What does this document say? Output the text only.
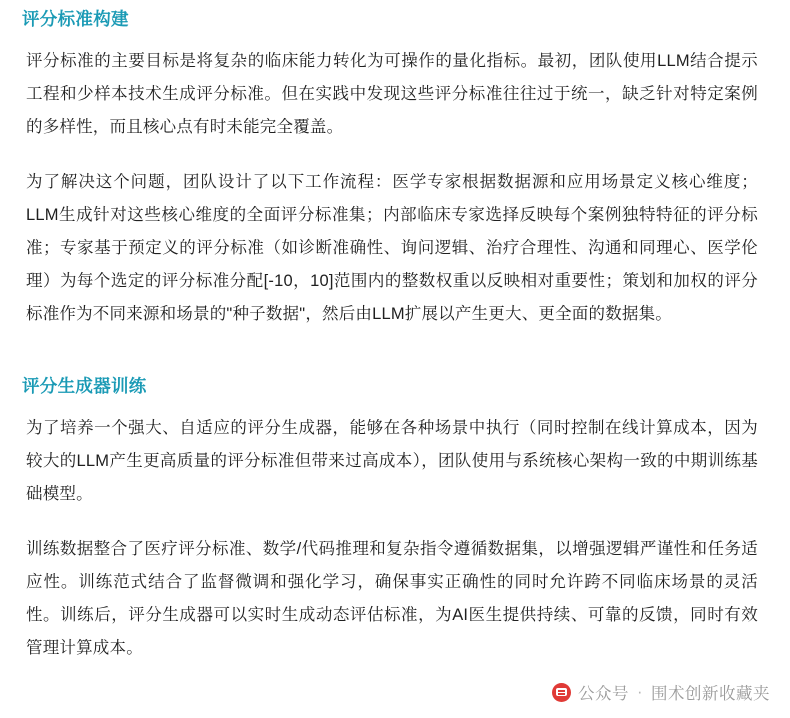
评分标准构建

评分标准的主要目标是将复杂的临床能力转化为可操作的量化指标。最初，团队使用LLM结合提示工程和少样本技术生成评分标准。但在实践中发现这些评分标准往往过于统一，缺乏针对特定案例的多样性，而且核心点有时未能完全覆盖。

为了解决这个问题，团队设计了以下工作流程：医学专家根据数据源和应用场景定义核心维度；LLM生成针对这些核心维度的全面评分标准集；内部临床专家选择反映每个案例独特特征的评分标准；专家基于预定义的评分标准（如诊断准确性、询问逻辑、治疗合理性、沟通和同理心、医学伦理）为每个选定的评分标准分配[-10，10]范围内的整数权重以反映相对重要性；策划和加权的评分标准作为不同来源和场景的"种子数据"，然后由LLM扩展以产生更大、更全面的数据集。

评分生成器训练

为了培养一个强大、自适应的评分生成器，能够在各种场景中执行（同时控制在线计算成本，因为较大的LLM产生更高质量的评分标准但带来过高成本），团队使用与系统核心架构一致的中期训练基础模型。

训练数据整合了医疗评分标准、数学/代码推理和复杂指令遵循数据集，以增强逻辑严谨性和任务适应性。训练范式结合了监督微调和强化学习，确保事实正确性的同时允许跨不同临床场景的灵活性。训练后，评分生成器可以实时生成动态评估标准，为AI医生提供持续、可靠的反馈，同时有效管理计算成本。

公众号 · 围术创新收藏夹
